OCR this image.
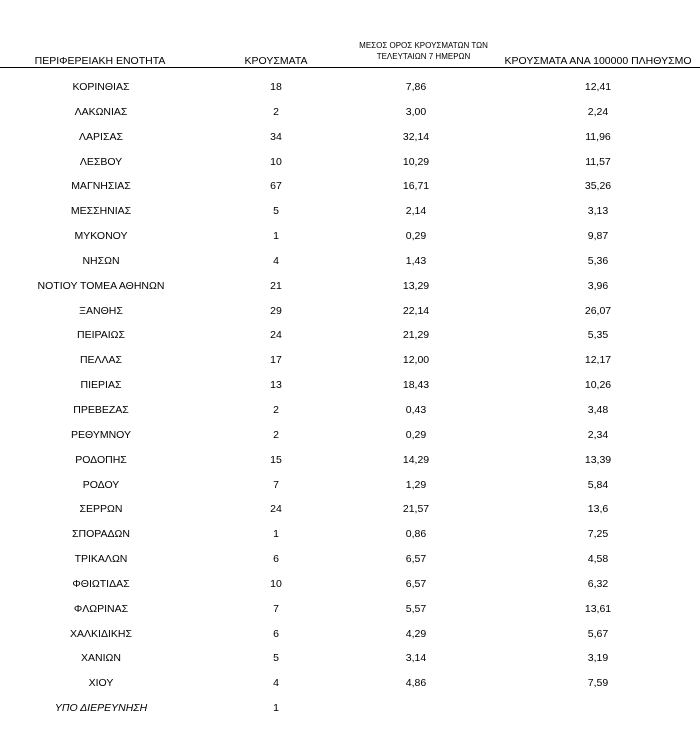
ΠΕΡΙΦΕΡΕΙΑΚΗ ΕΝΟΤΗΤΑ	ΚΡΟΥΣΜΑΤΑ
ΜΕΣΟΣ ΟΡΟΣ ΚΡΟΥΣΜΑΤΩΝ ΤΩΝ
ΤΕΛΕΥΤΑΙΩΝ 7 ΗΜΕΡΩΝ	ΚΡΟΥΣΜΑΤΑ ΑΝΑ 100000 ΠΛΗΘΥΣΜΟ
ΚΟΡΙΝΘΙΑΣ	18	7,86	12,41
ΛΑΚΩΝΙΑΣ	2	3,00	2,24
ΛΑΡΙΣΑΣ	34	32,14	11,96
ΛΕΣΒΟΥ	10	10,29	11,57
ΜΑΓΝΗΣΙΑΣ	67	16,71	35,26
ΜΕΣΣΗΝΙΑΣ	5	2,14	3,13
ΜΥΚΟΝΟΥ	1	0,29	9,87
ΝΗΣΩΝ	4	1,43	5,36
ΝΟΤΙΟΥ ΤΟΜΕΑ ΑΘΗΝΩΝ	21	13,29	3,96
ΞΑΝΘΗΣ	29	22,14	26,07
ΠΕΙΡΑΙΩΣ	24	21,29	5,35
ΠΕΛΛΑΣ	17	12,00	12,17
ΠΙΕΡΙΑΣ	13	18,43	10,26
ΠΡΕΒΕΖΑΣ	2	0,43	3,48
ΡΕΘΥΜΝΟΥ	2	0,29	2,34
ΡΟΔΟΠΗΣ	15	14,29	13,39
ΡΟΔΟΥ	7	1,29	5,84
ΣΕΡΡΩΝ	24	21,57	13,6
ΣΠΟΡΑΔΩΝ	1	0,86	7,25
ΤΡΙΚΑΛΩΝ	6	6,57	4,58
ΦΘΙΩΤΙΔΑΣ	10	6,57	6,32
ΦΛΩΡΙΝΑΣ	7	5,57	13,61
ΧΑΛΚΙΔΙΚΗΣ	6	4,29	5,67
ΧΑΝΙΩΝ	5	3,14	3,19
ΧΙΟΥ	4	4,86	7,59
ΥΠΟ ΔΙΕΡΕΥΝΗΣΗ	1
